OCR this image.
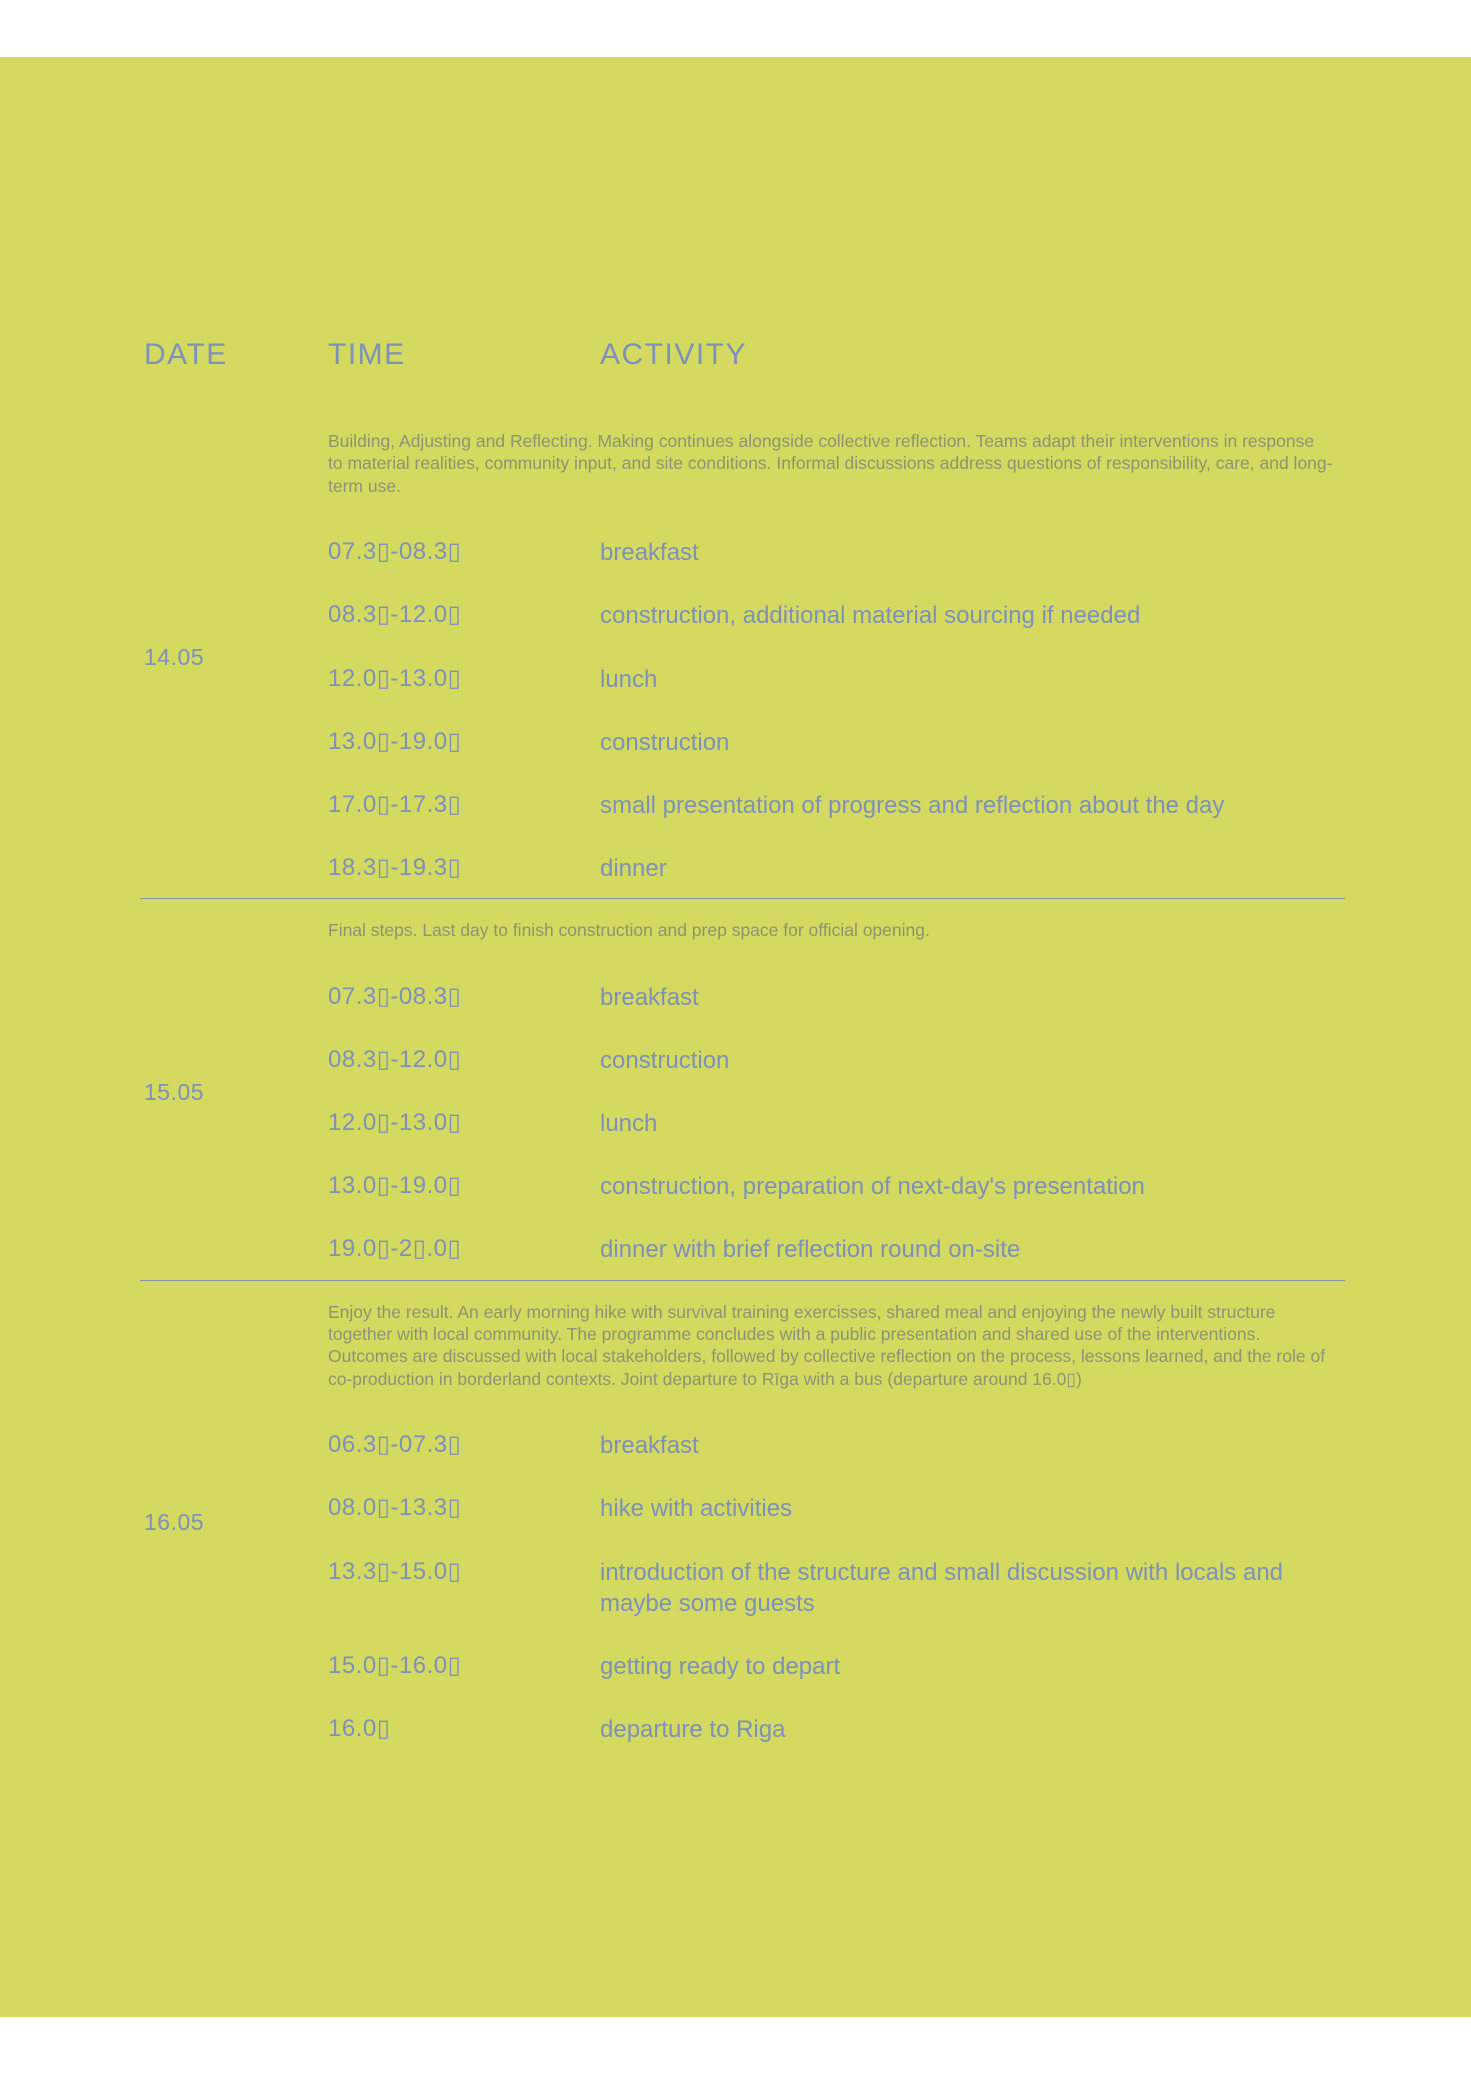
DATE	TIME	ACTIVITY
14.05
Building, Adjusting and Reflecting. Making continues alongside collective reflection. Teams adapt their interventions in response to material realities, community input, and site conditions. Informal discussions address questions of responsibility, care, and long-term use.
07.3▯-08.3▯	breakfast
08.3▯-12.0▯	construction, additional material sourcing if needed
12.0▯-13.0▯	lunch
13.0▯-19.0▯	construction
17.0▯-17.3▯	small presentation of progress and reflection about the day
18.3▯-19.3▯	dinner
15.05
Final steps. Last day to finish construction and prep space for official opening.
07.3▯-08.3▯	breakfast
08.3▯-12.0▯	construction
12.0▯-13.0▯	lunch
13.0▯-19.0▯	construction, preparation of next-day's presentation
19.0▯-2▯.0▯	dinner with brief reflection round on-site
16.05
Enjoy the result. An early morning hike with survival training exercisses, shared meal and enjoying the newly built structure together with local community. The programme concludes with a public presentation and shared use of the interventions. Outcomes are discussed with local stakeholders, followed by collective reflection on the process, lessons learned, and the role of co-production in borderland contexts. Joint departure to Rīga with a bus (departure around 16.0▯)
06.3▯-07.3▯	breakfast
08.0▯-13.3▯	hike with activities
13.3▯-15.0▯	introduction of the structure and small discussion with locals and maybe some guests
15.0▯-16.0▯	getting ready to depart
16.0▯	departure to Riga
